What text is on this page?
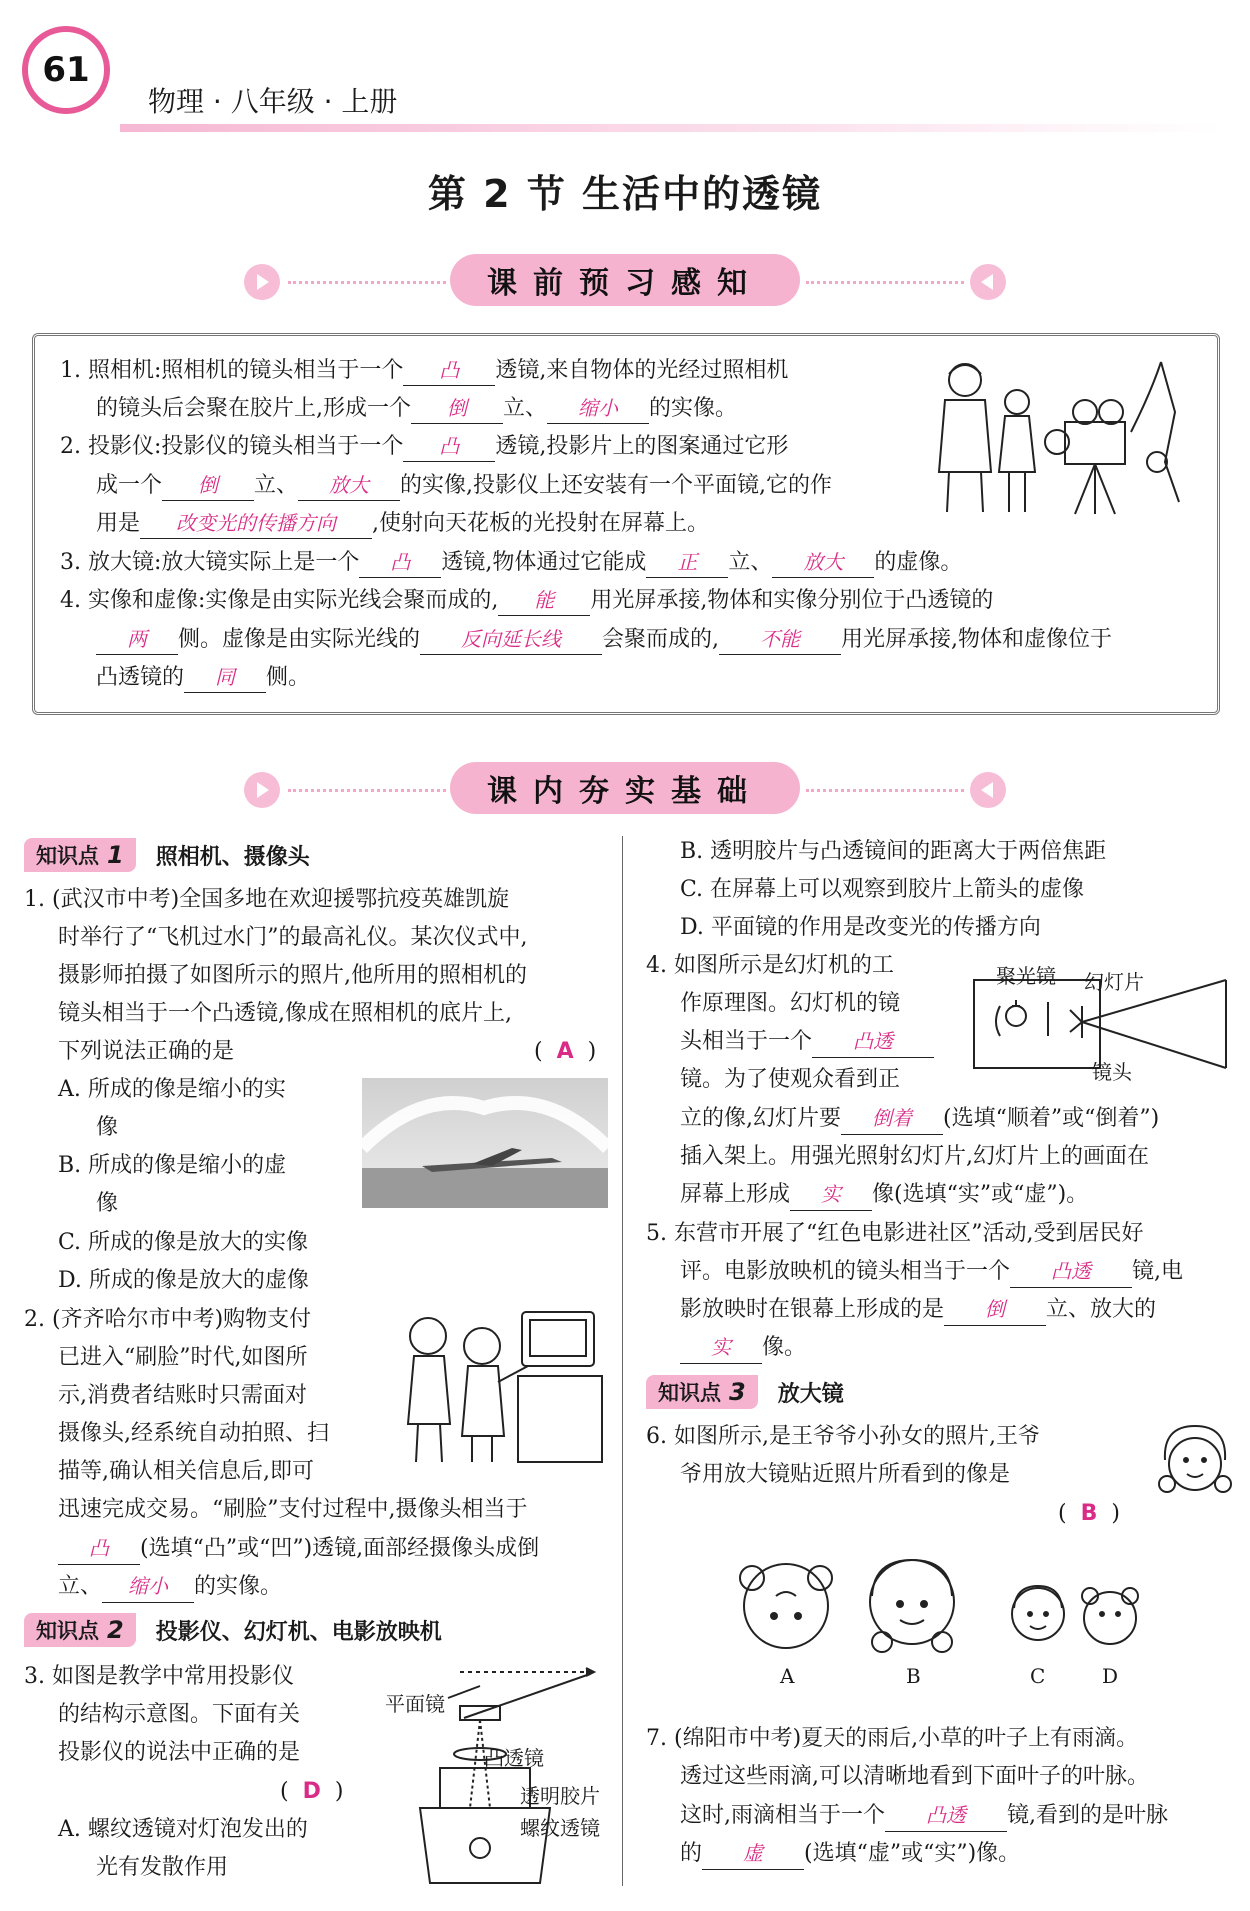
61
物理 · 八年级 · 上册
第 2 节 生活中的透镜
课前预习感知
1. 照相机:照相机的镜头相当于一个 凸 透镜,来自物体的光经过照相机
的镜头后会聚在胶片上,形成一个 倒 立、 缩小 的实像。
2. 投影仪:投影仪的镜头相当于一个 凸 透镜,投影片上的图案通过它形
成一个 倒 立、 放大 的实像,投影仪上还安装有一个平面镜,它的作
用是 改变光的传播方向 ,使射向天花板的光投射在屏幕上。
3. 放大镜:放大镜实际上是一个 凸 透镜,物体通过它能成 正 立、 放大 的虚像。
4. 实像和虚像:实像是由实际光线会聚而成的, 能 用光屏承接,物体和实像分别位于凸透镜的
两 侧。虚像是由实际光线的 反向延长线 会聚而成的, 不能 用光屏承接,物体和虚像位于
凸透镜的 同 侧。
课内夯实基础
知识点 1 照相机、摄像头
1. (武汉市中考)全国多地在欢迎援鄂抗疫英雄凯旋
时举行了“飞机过水门”的最高礼仪。某次仪式中,
摄影师拍摄了如图所示的照片,他所用的照相机的
镜头相当于一个凸透镜,像成在照相机的底片上,
下列说法正确的是	(  A  )
A. 所成的像是缩小的实
像
B. 所成的像是缩小的虚
像
C. 所成的像是放大的实像
D. 所成的像是放大的虚像
2. (齐齐哈尔市中考)购物支付
已进入“刷脸”时代,如图所
示,消费者结账时只需面对
摄像头,经系统自动拍照、扫
描等,确认相关信息后,即可
迅速完成交易。“刷脸”支付过程中,摄像头相当于
凸 (选填“凸”或“凹”)透镜,面部经摄像头成倒
立、 缩小 的实像。
知识点 2 投影仪、幻灯机、电影放映机
3. 如图是教学中常用投影仪
的结构示意图。下面有关
投影仪的说法中正确的是
(  D  )
A. 螺纹透镜对灯泡发出的
光有发散作用
平面镜
凸透镜
透明胶片
螺纹透镜
B. 透明胶片与凸透镜间的距离大于两倍焦距
C. 在屏幕上可以观察到胶片上箭头的虚像
D. 平面镜的作用是改变光的传播方向
4. 如图所示是幻灯机的工
作原理图。幻灯机的镜
头相当于一个 凸透
镜。为了使观众看到正
立的像,幻灯片要 倒着 (选填“顺着”或“倒着”)
插入架上。用强光照射幻灯片,幻灯片上的画面在
屏幕上形成 实 像(选填“实”或“虚”)。
聚光镜 幻灯片
镜头
5. 东营市开展了“红色电影进社区”活动,受到居民好
评。电影放映机的镜头相当于一个 凸透 镜,电
影放映时在银幕上形成的是 倒 立、放大的
实 像。
知识点 3 放大镜
6. 如图所示,是王爷爷小孙女的照片,王爷
爷用放大镜贴近照片所看到的像是
(  B  )
A	B	C	D
7. (绵阳市中考)夏天的雨后,小草的叶子上有雨滴。
透过这些雨滴,可以清晰地看到下面叶子的叶脉。
这时,雨滴相当于一个 凸透 镜,看到的是叶脉
的 虚 (选填“虚”或“实”)像。
